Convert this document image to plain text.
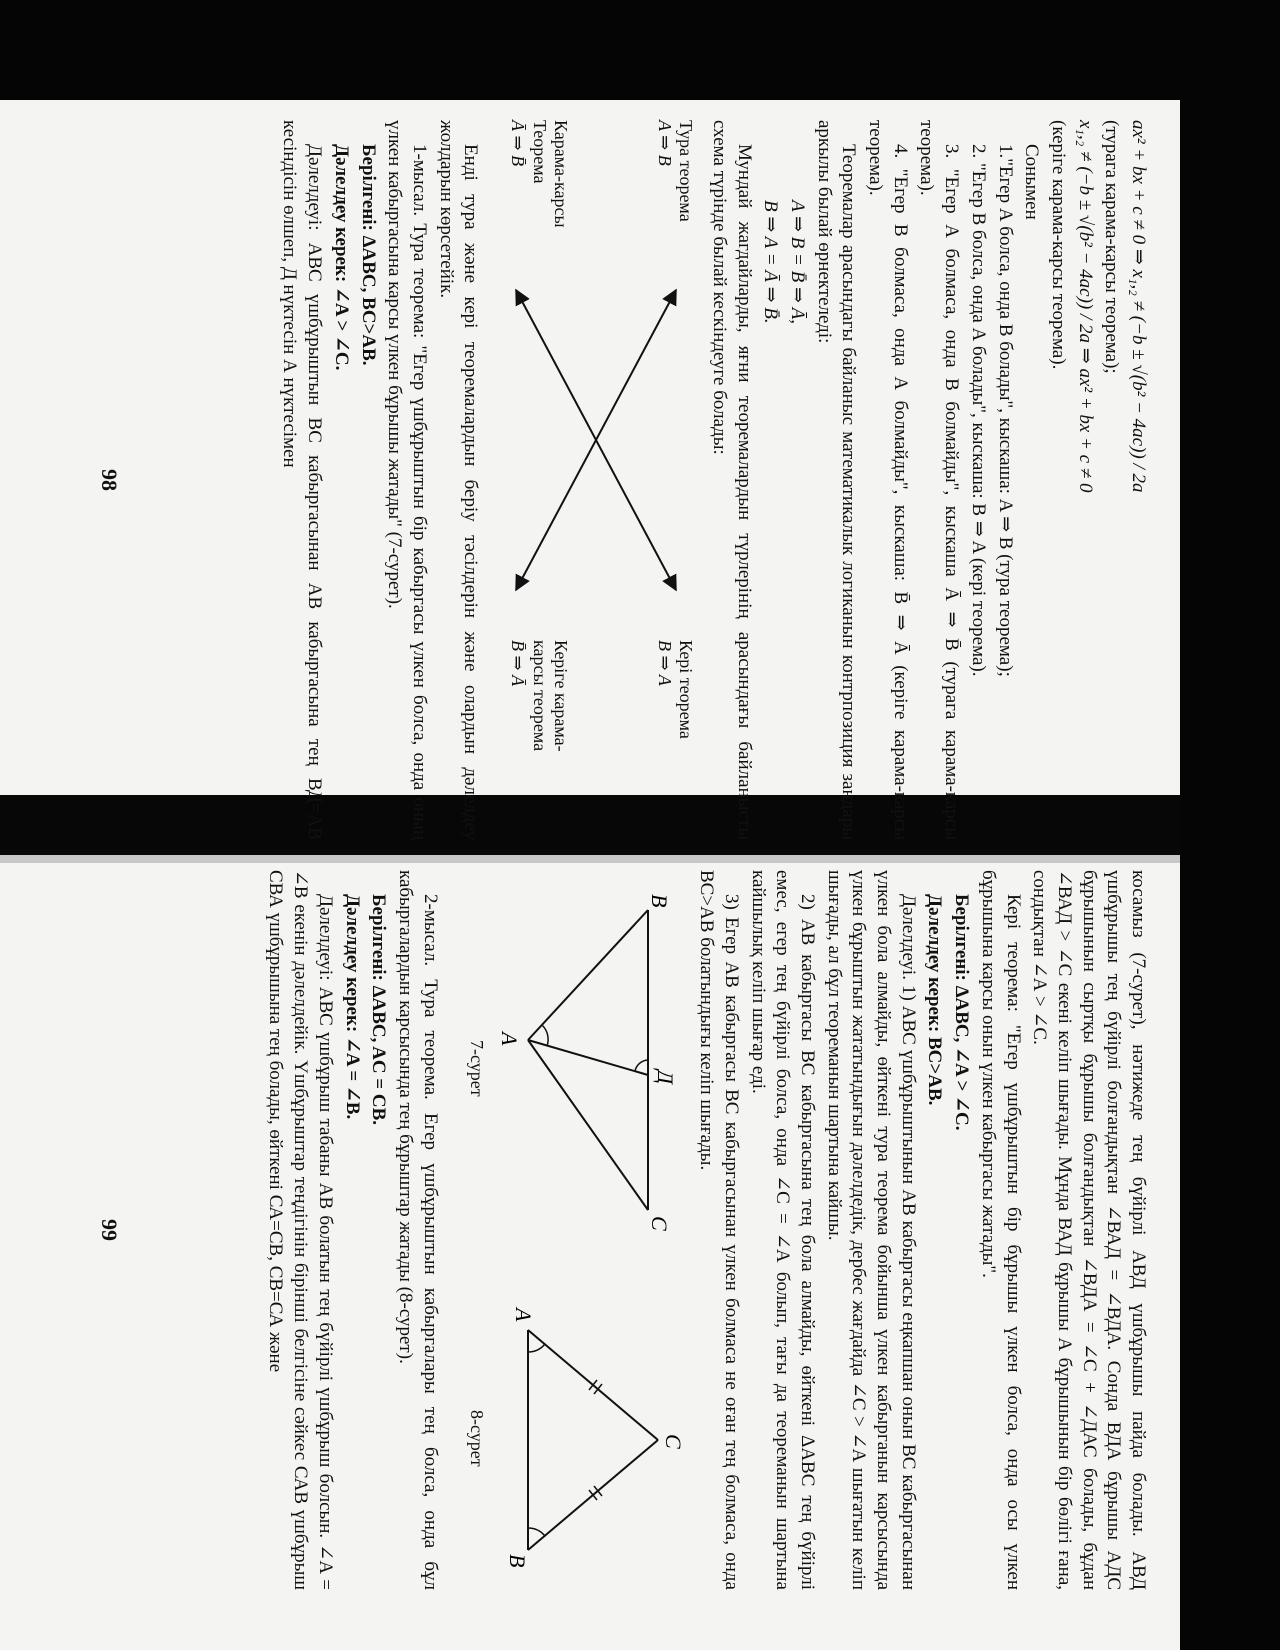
ax² + bx + c ≠ 0 ⇒ x₁,₂ ≠ (−b ± √(b² − 4ac)) / 2a

(турага карама-карсы теорема);

x₁,₂ ≠ (−b ± √(b² − 4ac)) / 2a ⇒ ax² + bx + c ≠ 0

(керіге карама-карсы теорема).

Сонымен

1."Егер А болса, онда В болады", кыскаша: A ⇒ B (тура теорема);

2. "Егер В болса, онда А болады", кыскаша: B ⇒ A (кері теорема).

3. "Егер А болмаса, онда В болмайды", кыскаша Ā ⇒ B̄ (турага карама-карсы теорема).

4. "Егер В болмаса, онда А болмайды", кыскаша: B̄ ⇒ Ā (керіге карама-карсы теорема).

Теоремалар арасындагы байланыс математикалык логиканын контрпозиция зандары аркылы былай өрнектеледі:

A ⇒ B = B̄ ⇒ Ā,

B ⇒ A = Ā ⇒ B̄.

Мундай жагдайларды, яғни теоремалардын түрлерінің арасындағы байланысты схема түрінде былай кескіндеуге болады:

Тура теорема
A ⇒ B
Кері теорема
B ⇒ A
Карама-карсы Теорема
Ā ⇒ B̄
Керіге карама-карсы теорема
B̄ ⇒ Ā

Енді тура және кері теоремалардын беріу тәсілдерін және олардын дәлелдеу жолдарын көрсетейік.

1-мысал. Тура теорема: "Егер үшбұрыштын бір кабыргасы үлкен болса, онда оның үлкен кабыргасына карсы үлкен бұрышы жатады" (7-сурет).

Берілгені: ΔABC, BC>AB.

Дәлелдеу керек: ∠A > ∠C.

Дәлелдеуі: АВС үшбұрыштын ВС кабыргасынан АВ кабыргасына тең ВД=АВ кесіндісін өлшеп, Д нүктесін А нүктесімен

98

косамыз (7-сурет), нәтижеде тең бүйірлі АВД үшбұрышы пайда болады. АВД үшбұрышы тең бүйірлі болғандықтан ∠ВАД = ∠ВДА. Сонда ВДА бұрышы АДС бұрышынын сыртқы бұрышы болғандықтан ∠ВДА = ∠С + ∠ДАС болады, бұдан ∠ВАД > ∠С екені келіп шығады. Мұнда ВАД бұрышы А бұрышынын бір бөлігі ғана, сондықтан ∠А > ∠С.

Кері теорема: "Егер үшбұрыштын бір бұрышы үлкен болса, онда осы үлкен бұрышына карсы онын үлкен кабыргасы жатады".

Берілгені: ΔABC, ∠A > ∠C.

Дәлелдеу керек: BC>AB.

Дәлелдеуі. 1) АВС үшбұрыштынын АВ кабыргасы еңкапшан онын ВС кабыргасынан үлкен бола алмайды, өйткені тура теорема бойынша үлкен кабырганын карсысында үлкен бұрыштын жататындығын дәлелдедік, дербес жағдайда ∠С > ∠А шығатын келіп шығады, ал бұл теореманын шартына кайшы.

2) АВ кабыргасы ВС кабыргасына тең бола алмайды, өйткені ΔАВС тең бүйірлі емес, егер тең бүйірлі болса, онда ∠С = ∠А болып, тағы да теореманын шартына кайшылық келіп шығар еді.

3) Егер АВ кабыргасы ВС кабыргасынан үлкен болмаса не оған тең болмаса, онда ВС>АВ болатындығы келіп шығады.

B
C
A
Д
7-сурет
A
B
C
8-сурет

2-мысал. Тура теорема. Егер үшбұрыштын кабыргалары тең болса, онда бұл кабыргалардын карсысында тең бұрыштар жатады (8-сурет).

Берілгені: ΔABC, AC = CB.

Дәлелдеу керек: ∠A = ∠B.

Дәлелдеуі: АВС үшбұрыш табаны АВ болатын тең бүйірлі үшбұрыш болсын. ∠A = ∠B екенін дәлелдейік. Үшбұрыштар теңдігінін бірінші белгісіне сәйкес САВ үшбұрыш СВА үшбұрышына тең болады, өйткені СА=СВ, СВ=СА және

99
